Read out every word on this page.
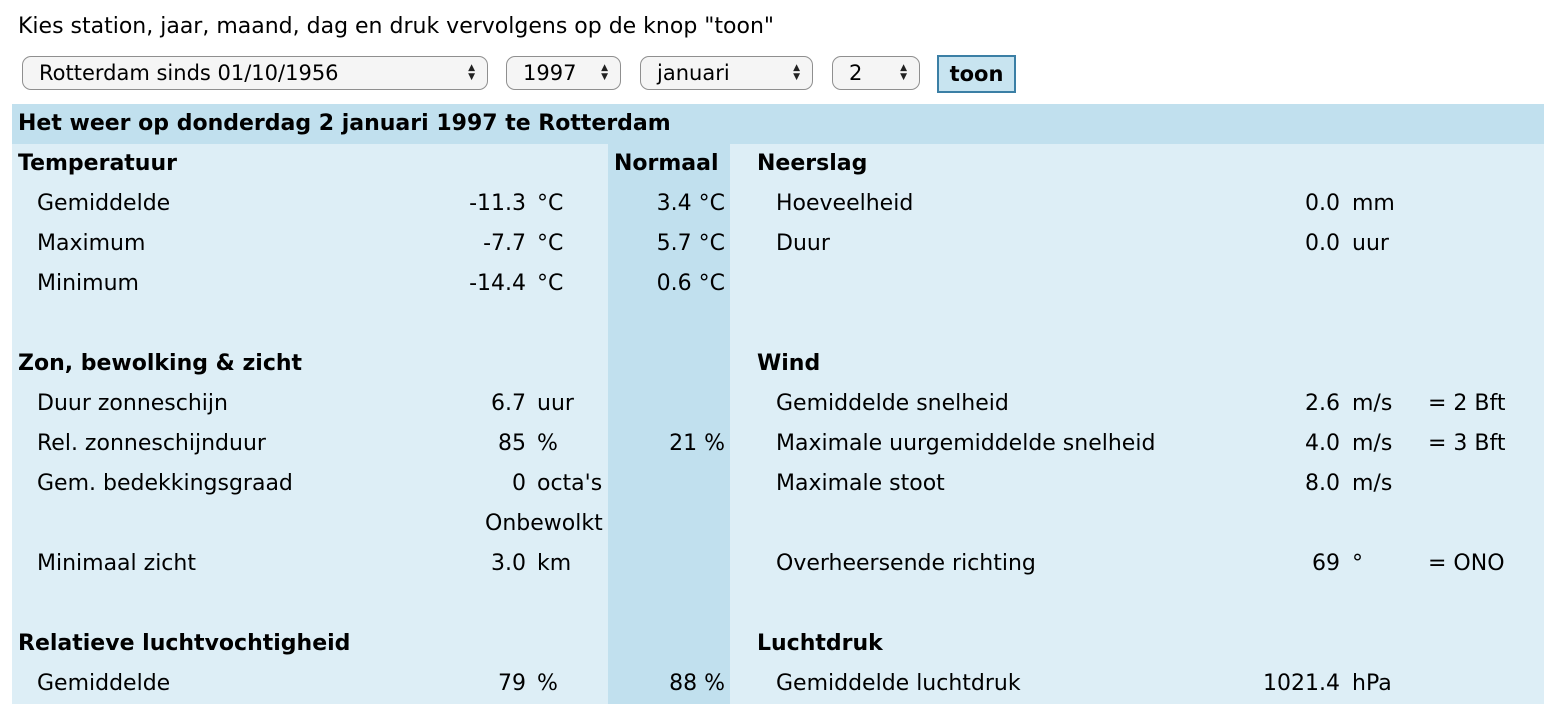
Kies station, jaar, maand, dag en druk vervolgens op de knop "toon"
Rotterdam sinds 01/10/1956	▲
▼ 1997	▲
▼ januari	▲
▼ 2	▲
▼	toon
Het weer op donderdag 2 januari 1997 te Rotterdam
Temperatuur	Normaal
Gemiddelde	-11.3 °C	3.4 °C
Maximum	-7.7 °C	5.7 °C
Minimum	-14.4 °C	0.6 °C
Zon, bewolking & zicht
Duur zonneschijn	6.7 uur
Rel. zonneschijnduur	85 %	21 %
Gem. bedekkingsgraad	0 octa's
Onbewolkt
Minimaal zicht	3.0 km
Relatieve luchtvochtigheid
Gemiddelde	79 %	88 %
Neerslag
Hoeveelheid	0.0 mm
Duur	0.0 uur
Wind
Gemiddelde snelheid	2.6 m/s = 2 Bft
Maximale uurgemiddelde snelheid	4.0 m/s = 3 Bft
Maximale stoot	8.0 m/s
Overheersende richting	69 °	= ONO
Luchtdruk
Gemiddelde luchtdruk	1021.4 hPa
